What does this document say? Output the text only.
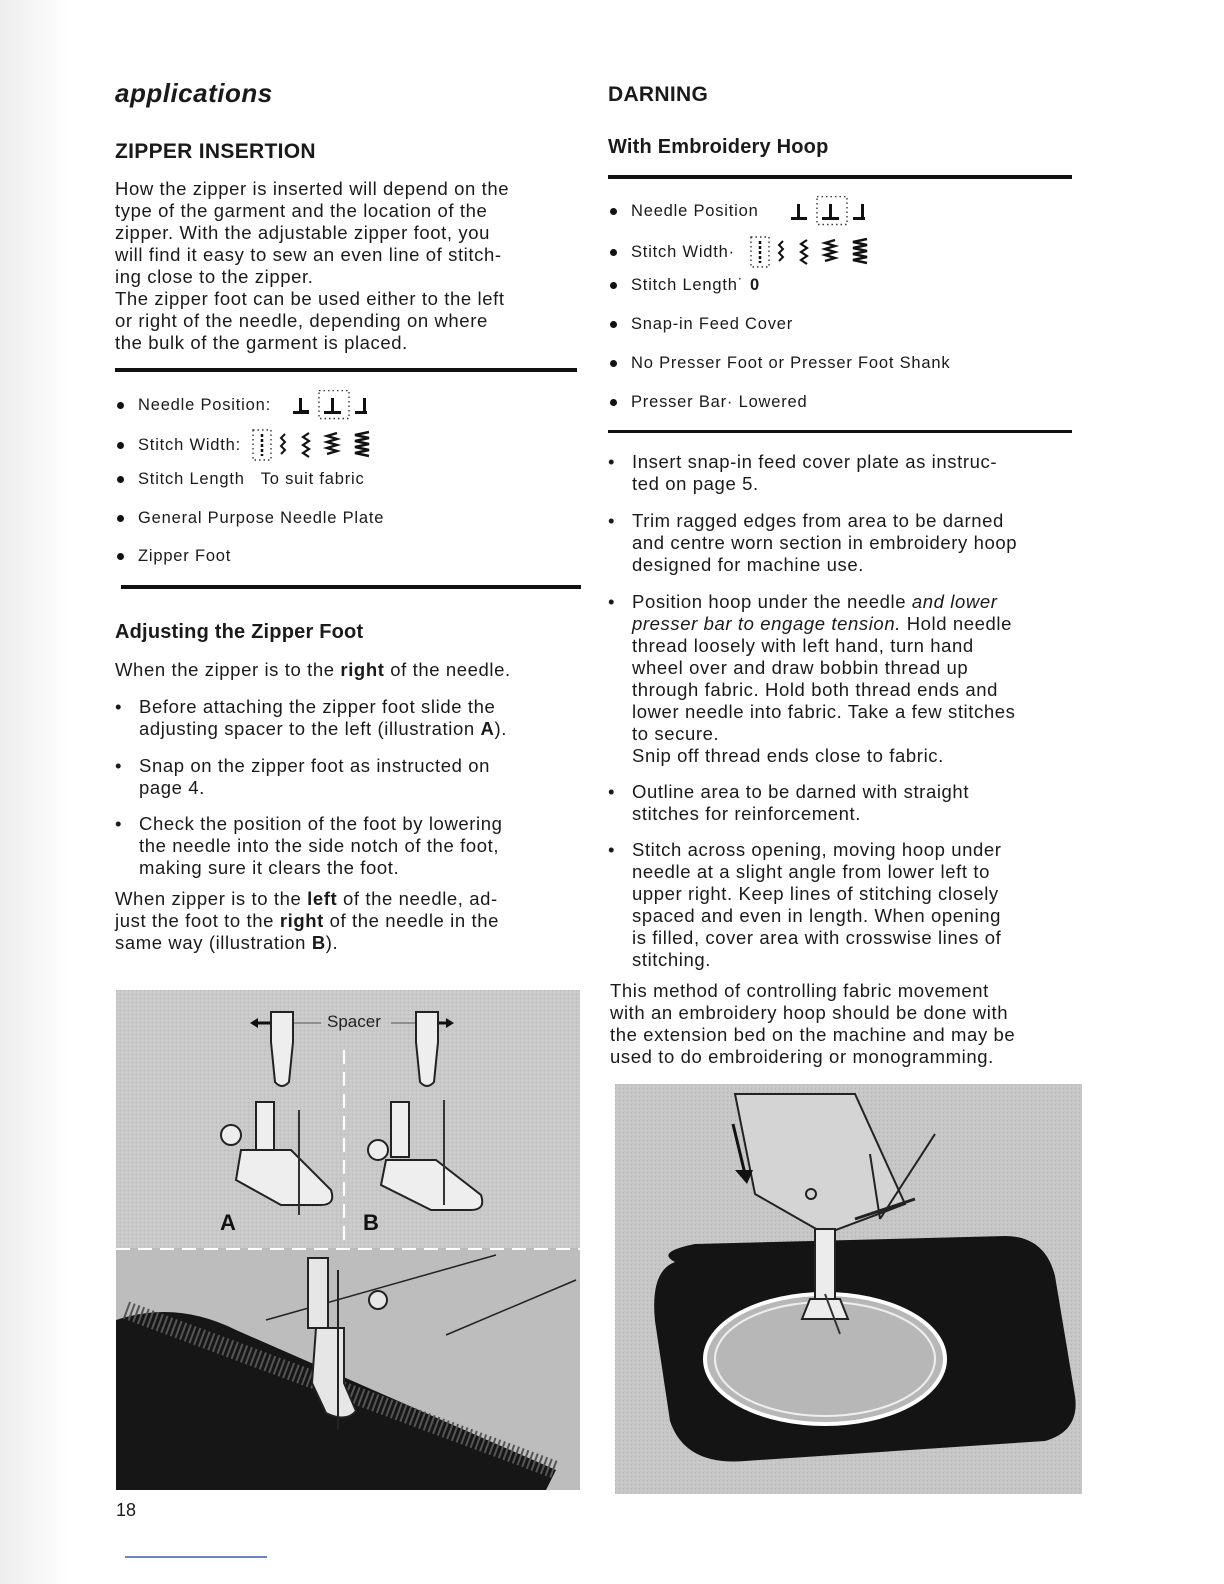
applications
ZIPPER INSERTION
How the zipper is inserted will depend on the
type of the garment and the location of the
zipper. With the adjustable zipper foot, you
will find it easy to sew an even line of stitch-
ing close to the zipper.
The zipper foot can be used either to the left
or right of the needle, depending on where
the bulk of the garment is placed.
Needle Position:
Stitch Width:
Stitch Length To suit fabric
General Purpose Needle Plate
Zipper Foot
Adjusting the Zipper Foot
When the zipper is to the right of the needle.
• Before attaching the zipper foot slide the
adjusting spacer to the left (illustration A).
• Snap on the zipper foot as instructed on
page 4.
• Check the position of the foot by lowering
the needle into the side notch of the foot,
making sure it clears the foot.
When zipper is to the left of the needle, ad-
just the foot to the right of the needle in the
same way (illustration B).
Spacer
A	B
DARNING
With Embroidery Hoop
Needle Position
Stitch Width·
Stitch Length˙ 0
Snap-in Feed Cover
No Presser Foot or Presser Foot Shank
Presser Bar· Lowered
• Insert snap-in feed cover plate as instruc-
ted on page 5.
• Trim ragged edges from area to be darned
and centre worn section in embroidery hoop
designed for machine use.
• Position hoop under the needle and lower
presser bar to engage tension. Hold needle
thread loosely with left hand, turn hand
wheel over and draw bobbin thread up
through fabric. Hold both thread ends and
lower needle into fabric. Take a few stitches
to secure.
Snip off thread ends close to fabric.
• Outline area to be darned with straight
stitches for reinforcement.
• Stitch across opening, moving hoop under
needle at a slight angle from lower left to
upper right. Keep lines of stitching closely
spaced and even in length. When opening
is filled, cover area with crosswise lines of
stitching.
This method of controlling fabric movement
with an embroidery hoop should be done with
the extension bed on the machine and may be
used to do embroidering or monogramming.
18
